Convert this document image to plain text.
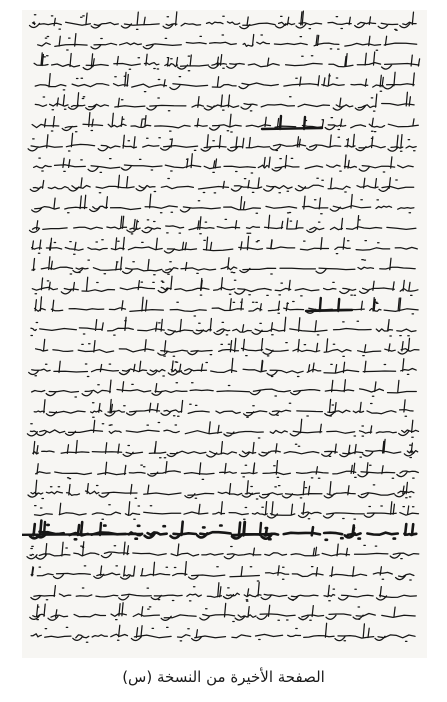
الصفحة الأخيرة من النسخة (س)
